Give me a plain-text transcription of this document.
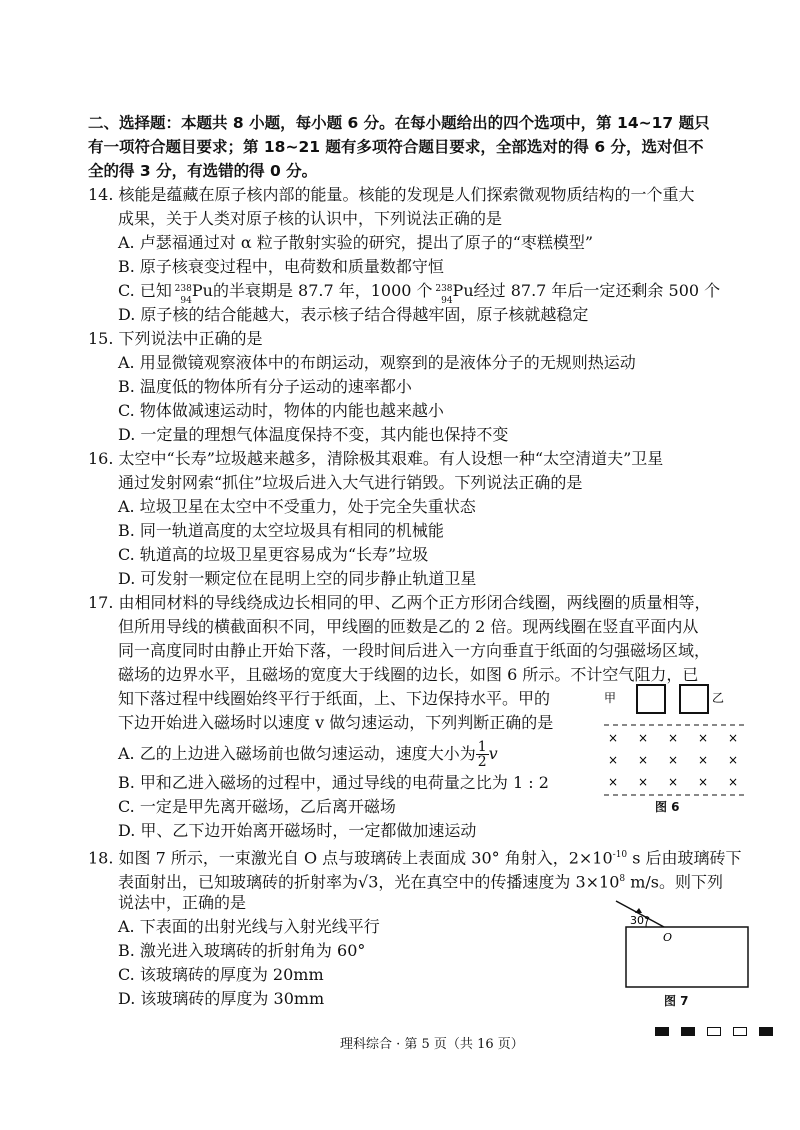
二、选择题：本题共 8 小题，每小题 6 分。在每小题给出的四个选项中，第 14~17 题只
有一项符合题目要求；第 18~21 题有多项符合题目要求，全部选对的得 6 分，选对但不
全的得 3 分，有选错的得 0 分。
14. 核能是蕴藏在原子核内部的能量。核能的发现是人们探索微观物质结构的一个重大
成果，关于人类对原子核的认识中，下列说法正确的是
A. 卢瑟福通过对 α 粒子散射实验的研究，提出了原子的“枣糕模型”
B. 原子核衰变过程中，电荷数和质量数都守恒
C. 已知 238
94
Pu的半衰期是 87.7 年，1000 个 238
94
Pu经过 87.7 年后一定还剩余 500 个
D. 原子核的结合能越大，表示核子结合得越牢固，原子核就越稳定
15. 下列说法中正确的是
A. 用显微镜观察液体中的布朗运动，观察到的是液体分子的无规则热运动
B. 温度低的物体所有分子运动的速率都小
C. 物体做减速运动时，物体的内能也越来越小
D. 一定量的理想气体温度保持不变，其内能也保持不变
16. 太空中“长寿”垃圾越来越多，清除极其艰难。有人设想一种“太空清道夫”卫星
通过发射网索“抓住”垃圾后进入大气进行销毁。下列说法正确的是
A. 垃圾卫星在太空中不受重力，处于完全失重状态
B. 同一轨道高度的太空垃圾具有相同的机械能
C. 轨道高的垃圾卫星更容易成为“长寿”垃圾
D. 可发射一颗定位在昆明上空的同步静止轨道卫星
17. 由相同材料的导线绕成边长相同的甲、乙两个正方形闭合线圈，两线圈的质量相等，
但所用导线的横截面积不同，甲线圈的匝数是乙的 2 倍。现两线圈在竖直平面内从
同一高度同时由静止开始下落，一段时间后进入一方向垂直于纸面的匀强磁场区域，
磁场的边界水平，且磁场的宽度大于线圈的边长，如图 6 所示。不计空气阻力，已
知下落过程中线圈始终平行于纸面，上、下边保持水平。甲的
下边开始进入磁场时以速度 v 做匀速运动，下列判断正确的是
A. 乙的上边进入磁场前也做匀速运动，速度大小为 $\frac{1}{2}$ v
B. 甲和乙进入磁场的过程中，通过导线的电荷量之比为 1 : 2
C. 一定是甲先离开磁场，乙后离开磁场
D. 甲、乙下边开始离开磁场时，一定都做加速运动
甲	乙
× × × × ×
× × × × ×
× × × × ×
图 6
18. 如图 7 所示，一束激光自 O 点与玻璃砖上表面成 30° 角射入，$2\times 10^{-10}$ s 后由玻璃砖下
表面射出，已知玻璃砖的折射率为√3，光在真空中的传播速度为 $3\times 10^8$ m/s。则下列
说法中，正确的是
A. 下表面的出射光线与入射光线平行
B. 激光进入玻璃砖的折射角为 60°
C. 该玻璃砖的厚度为 20mm
D. 该玻璃砖的厚度为 30mm
30°
O
图 7
理科综合 · 第 5 页（共 16 页）
